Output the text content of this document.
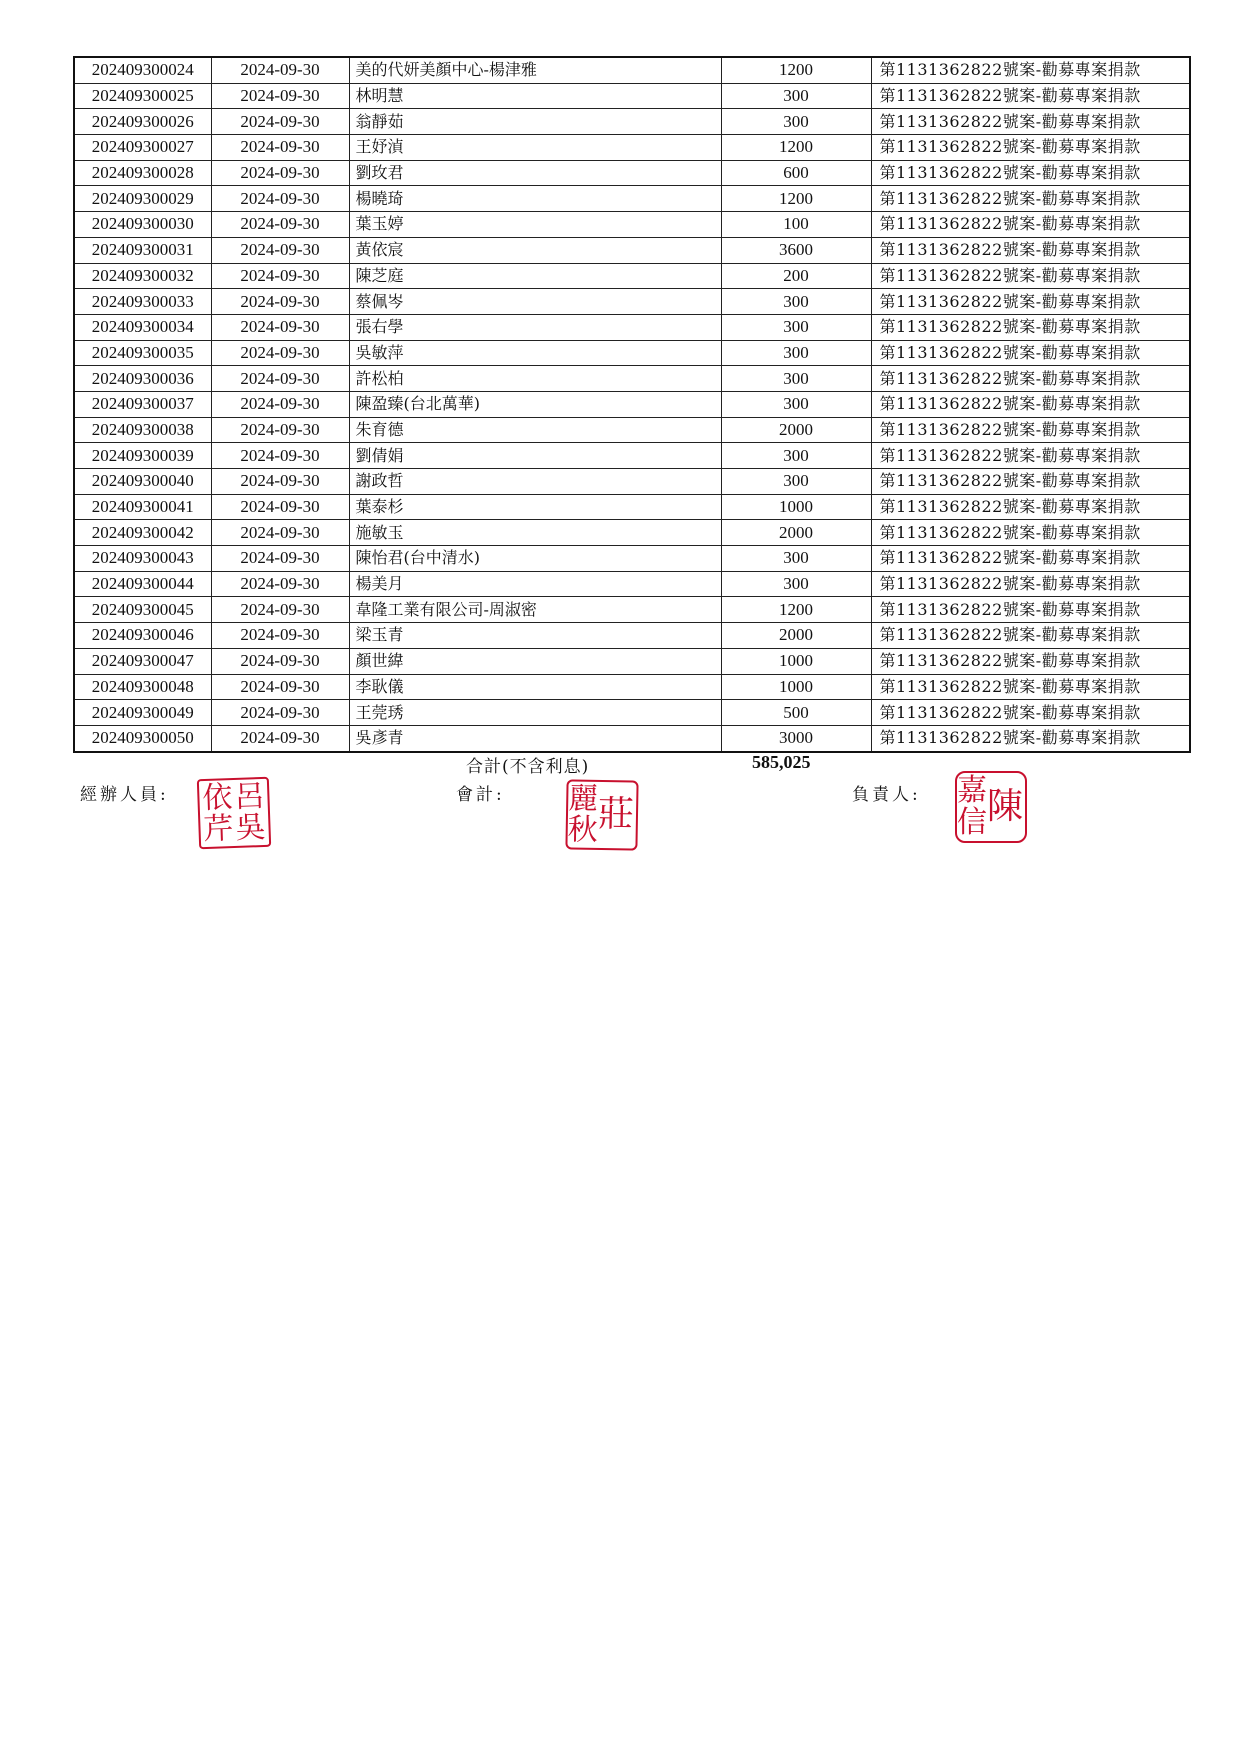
202409300024	2024-09-30	美的代妍美顏中心-楊津雅	1200	第1131362822號案-勸募專案捐款
202409300025	2024-09-30	林明慧	300	第1131362822號案-勸募專案捐款
202409300026	2024-09-30	翁靜茹	300	第1131362822號案-勸募專案捐款
202409300027	2024-09-30	王妤湞	1200	第1131362822號案-勸募專案捐款
202409300028	2024-09-30	劉玫君	600	第1131362822號案-勸募專案捐款
202409300029	2024-09-30	楊曉琦	1200	第1131362822號案-勸募專案捐款
202409300030	2024-09-30	葉玉婷	100	第1131362822號案-勸募專案捐款
202409300031	2024-09-30	黃依宸	3600	第1131362822號案-勸募專案捐款
202409300032	2024-09-30	陳芝庭	200	第1131362822號案-勸募專案捐款
202409300033	2024-09-30	蔡佩岑	300	第1131362822號案-勸募專案捐款
202409300034	2024-09-30	張右學	300	第1131362822號案-勸募專案捐款
202409300035	2024-09-30	吳敏萍	300	第1131362822號案-勸募專案捐款
202409300036	2024-09-30	許松柏	300	第1131362822號案-勸募專案捐款
202409300037	2024-09-30	陳盈臻(台北萬華)	300	第1131362822號案-勸募專案捐款
202409300038	2024-09-30	朱育德	2000	第1131362822號案-勸募專案捐款
202409300039	2024-09-30	劉倩娟	300	第1131362822號案-勸募專案捐款
202409300040	2024-09-30	謝政哲	300	第1131362822號案-勸募專案捐款
202409300041	2024-09-30	葉泰杉	1000	第1131362822號案-勸募專案捐款
202409300042	2024-09-30	施敏玉	2000	第1131362822號案-勸募專案捐款
202409300043	2024-09-30	陳怡君(台中清水)	300	第1131362822號案-勸募專案捐款
202409300044	2024-09-30	楊美月	300	第1131362822號案-勸募專案捐款
202409300045	2024-09-30	韋隆工業有限公司-周淑密	1200	第1131362822號案-勸募專案捐款
202409300046	2024-09-30	梁玉青	2000	第1131362822號案-勸募專案捐款
202409300047	2024-09-30	顏世緯	1000	第1131362822號案-勸募專案捐款
202409300048	2024-09-30	李耿儀	1000	第1131362822號案-勸募專案捐款
202409300049	2024-09-30	王莞琇	500	第1131362822號案-勸募專案捐款
202409300050	2024-09-30	吳彥青	3000	第1131362822號案-勸募專案捐款
合計(不含利息)	585,025
經辦人員: 呂
吳
依
芹
會計:	莊
麗
秋
負責人: 陳
嘉
信
